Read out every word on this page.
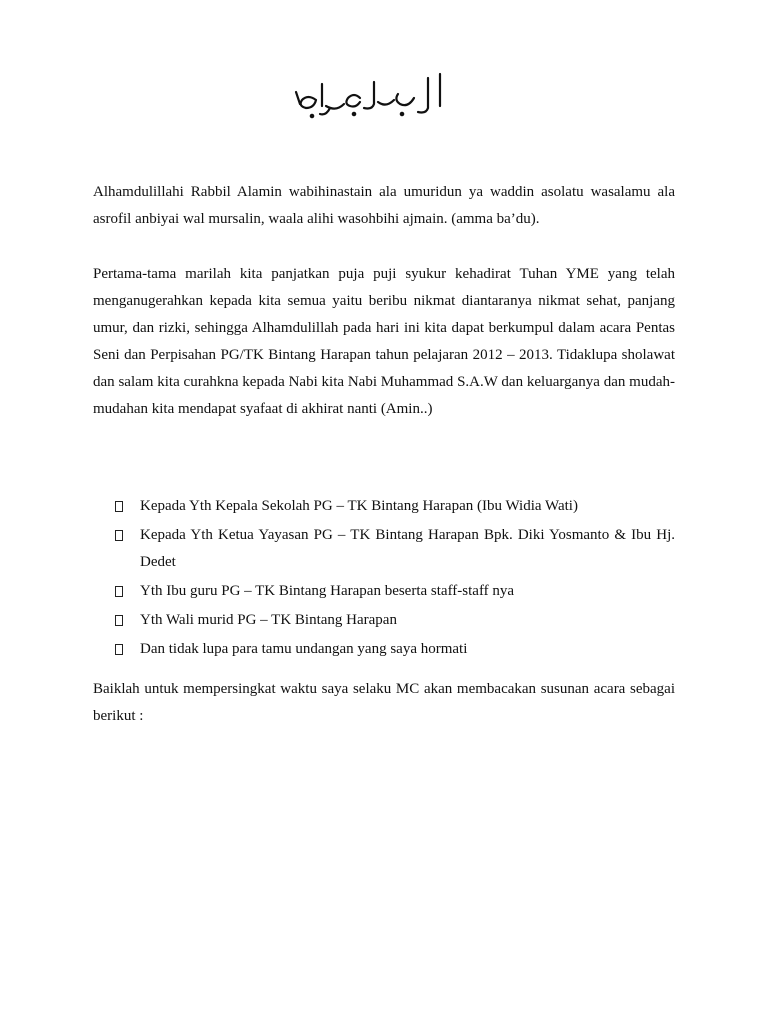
Alhamdulillahi Rabbil Alamin wabihinastain ala umuridun ya waddin asolatu wasalamu ala asrofil anbiyai wal mursalin, waala alihi wasohbihi ajmain. (amma ba’du).

Pertama-tama marilah kita panjatkan puja puji syukur kehadirat Tuhan YME yang telah menganugerahkan kepada kita semua yaitu beribu nikmat diantaranya nikmat sehat, panjang umur, dan rizki, sehingga Alhamdulillah pada hari ini kita dapat berkumpul dalam acara Pentas Seni dan Perpisahan PG/TK Bintang Harapan tahun pelajaran 2012 – 2013. Tidaklupa sholawat dan salam kita curahkna kepada Nabi kita Nabi Muhammad S.A.W dan keluarganya dan mudah-mudahan kita mendapat syafaat di akhirat nanti (Amin..)

Kepada Yth Kepala Sekolah PG – TK Bintang Harapan (Ibu Widia Wati)
Kepada Yth Ketua Yayasan PG – TK Bintang Harapan Bpk. Diki Yosmanto & Ibu Hj. Dedet
Yth Ibu guru PG – TK Bintang Harapan beserta staff-staff nya
Yth Wali murid PG – TK Bintang Harapan
Dan tidak lupa para tamu undangan yang saya hormati

Baiklah untuk mempersingkat waktu saya selaku MC akan membacakan susunan acara sebagai berikut :
